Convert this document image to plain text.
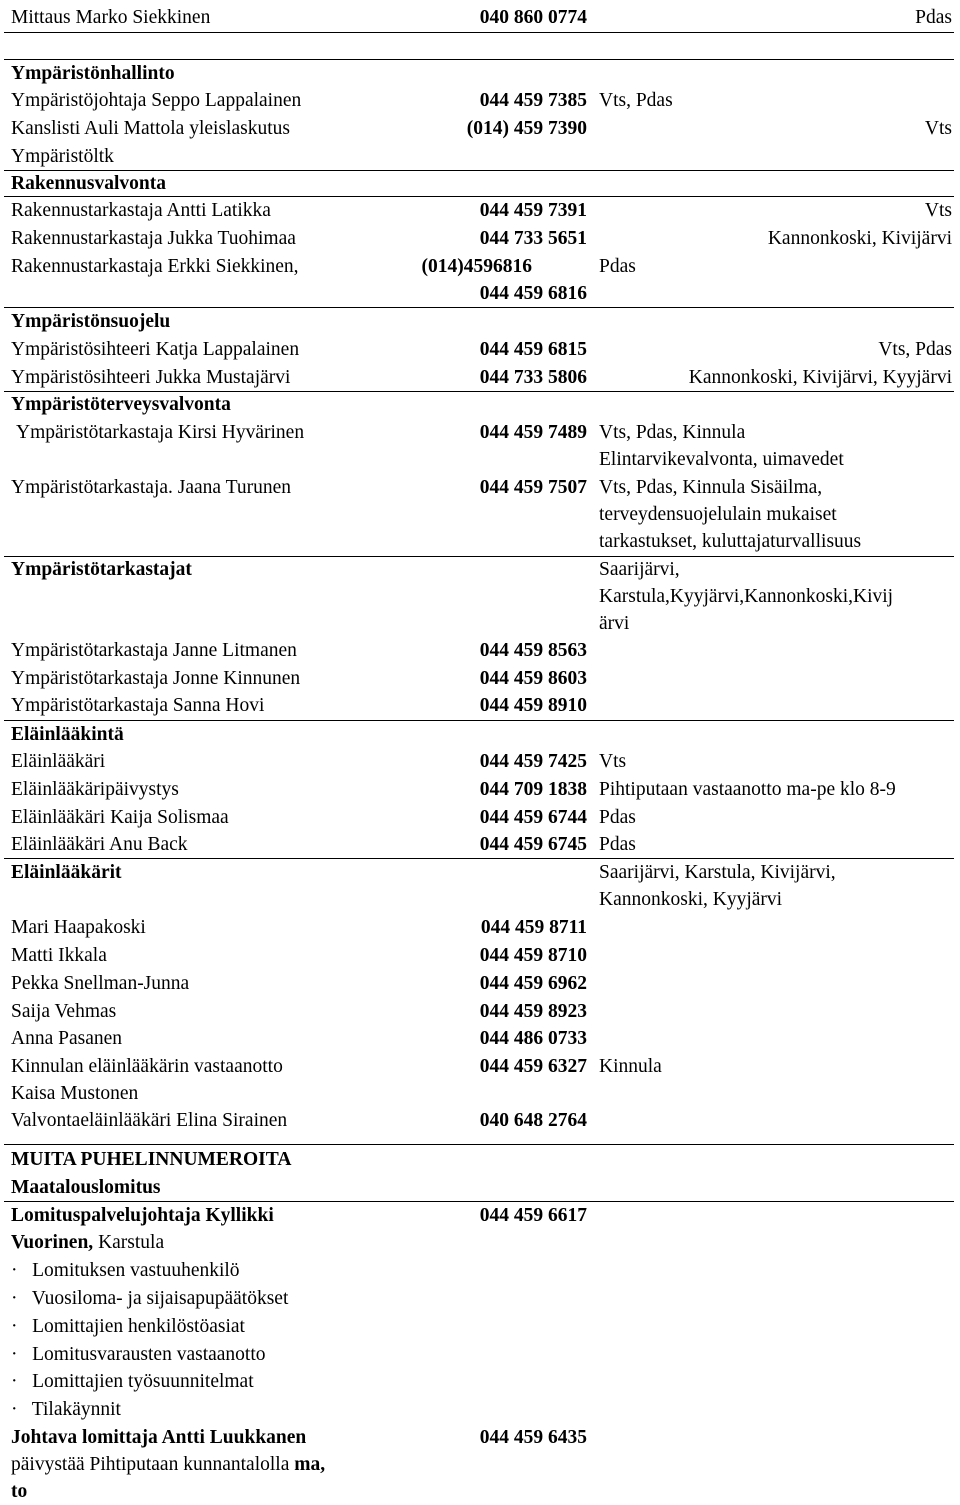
Mittaus Marko Siekkinen	040 860 0774	Pdas
Ympäristönhallinto
Ympäristöjohtaja Seppo Lappalainen	044 459 7385 Vts, Pdas
Kanslisti Auli Mattola yleislaskutus	(014) 459 7390	Vts
Ympäristöltk
Rakennusvalvonta
Rakennustarkastaja Antti Latikka	044 459 7391	Vts
Rakennustarkastaja Jukka Tuohimaa	044 733 5651	Kannonkoski, Kivijärvi
Rakennustarkastaja Erkki Siekkinen,	(014)4596816	Pdas
044 459 6816
Ympäristönsuojelu
Ympäristösihteeri Katja Lappalainen	044 459 6815	Vts, Pdas
Ympäristösihteeri Jukka Mustajärvi	044 733 5806	Kannonkoski, Kivijärvi, Kyyjärvi
Ympäristöterveysvalvonta
Ympäristötarkastaja Kirsi Hyvärinen	044 459 7489 Vts, Pdas, Kinnula
Elintarvikevalvonta, uimavedet
Ympäristötarkastaja. Jaana Turunen	044 459 7507 Vts, Pdas, Kinnula Sisäilma,
terveydensuojelulain mukaiset
tarkastukset, kuluttajaturvallisuus
Ympäristötarkastajat	Saarijärvi,
Karstula,Kyyjärvi,Kannonkoski,Kivij
ärvi
Ympäristötarkastaja Janne Litmanen	044 459 8563
Ympäristötarkastaja Jonne Kinnunen	044 459 8603
Ympäristötarkastaja Sanna Hovi	044 459 8910
Eläinlääkintä
Eläinlääkäri	044 459 7425 Vts
Eläinlääkäripäivystys	044 709 1838 Pihtiputaan vastaanotto ma-pe klo 8-9
Eläinlääkäri Kaija Solismaa	044 459 6744 Pdas
Eläinlääkäri Anu Back	044 459 6745 Pdas
Eläinlääkärit	Saarijärvi, Karstula, Kivijärvi,
Kannonkoski, Kyyjärvi
Mari Haapakoski	044 459 8711
Matti Ikkala	044 459 8710
Pekka Snellman-Junna	044 459 6962
Saija Vehmas	044 459 8923
Anna Pasanen	044 486 0733
Kinnulan eläinlääkärin vastaanotto	044 459 6327 Kinnula
Kaisa Mustonen
Valvontaeläinlääkäri Elina Sirainen	040 648 2764
MUITA PUHELINNUMEROITA
Maatalouslomitus
Lomituspalvelujohtaja Kyllikki	044 459 6617
Vuorinen, Karstula
·   Lomituksen vastuuhenkilö
·   Vuosiloma- ja sijaisapupäätökset
·   Lomittajien henkilöstöasiat
·   Lomitusvarausten vastaanotto
·   Lomittajien työsuunnitelmat
·   Tilakäynnit
Johtava lomittaja Antti Luukkanen	044 459 6435
päivystää Pihtiputaan kunnantalolla ma,
to
